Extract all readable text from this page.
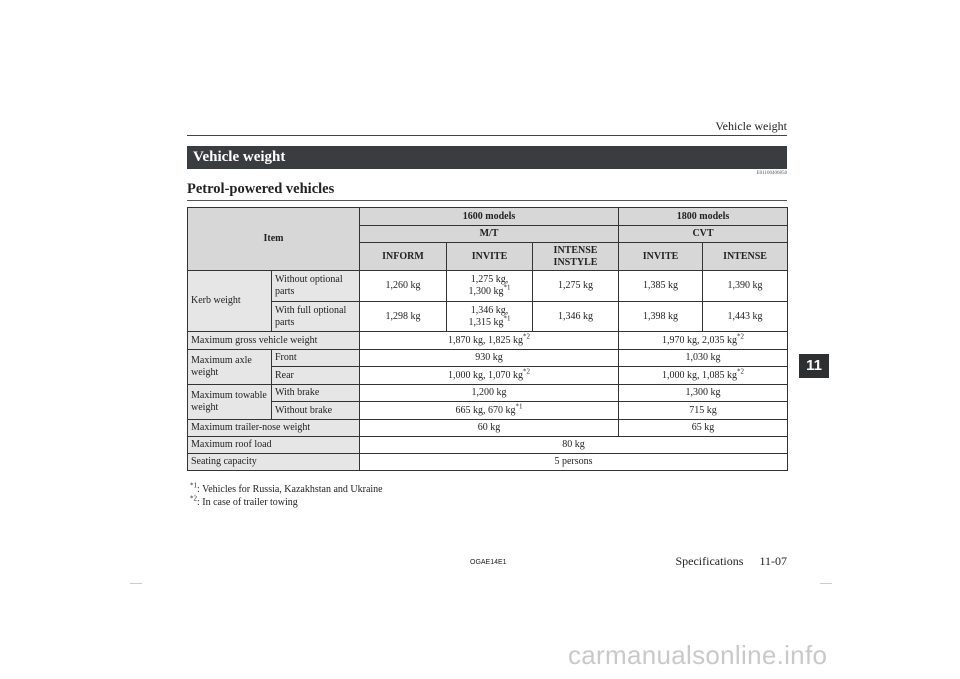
Vehicle weight
Vehicle weight
E01100406858
Petrol-powered vehicles
11
Item		1600 models			1800 models	
		M/T			CVT	
		INFORM	INVITE	INTENSE INSTYLE	INVITE	INTENSE
Kerb weight	Without optional parts	1,260 kg	1,275 kg,
1,300 $kg^{*1}$	1,275 kg	1,385 kg	1,390 kg
	With full optional parts	1,298 kg	1,346 kg,
1,315 $kg^{*1}$	1,346 kg	1,398 kg	1,443 kg
Maximum gross vehicle weight		1,870 kg, 1,825 $kg^{*2}$			1,970 kg, 2,035 $kg^{*2}$
Maximum axle weight	Front	930 kg			1,030 kg	
	Rear	1,000 kg, 1,070 $kg^{*2}$			1,000 kg, 1,085 $kg^{*2}$
Maximum towable weight	With brake	1,200 kg			1,300 kg	
	Without brake	665 kg, 670 $kg^{*1}$			715 kg	
Maximum trailer-nose weight		60 kg			65 kg	
Maximum roof load		80 kg				
Seating capacity		5 persons				
$^{*1}$: Vehicles for Russia, Kazakhstan and Ukraine
$^{*2}$: In case of trailer towing
OGAE14E1	Specifications 11-07
carmanualsonline.info
